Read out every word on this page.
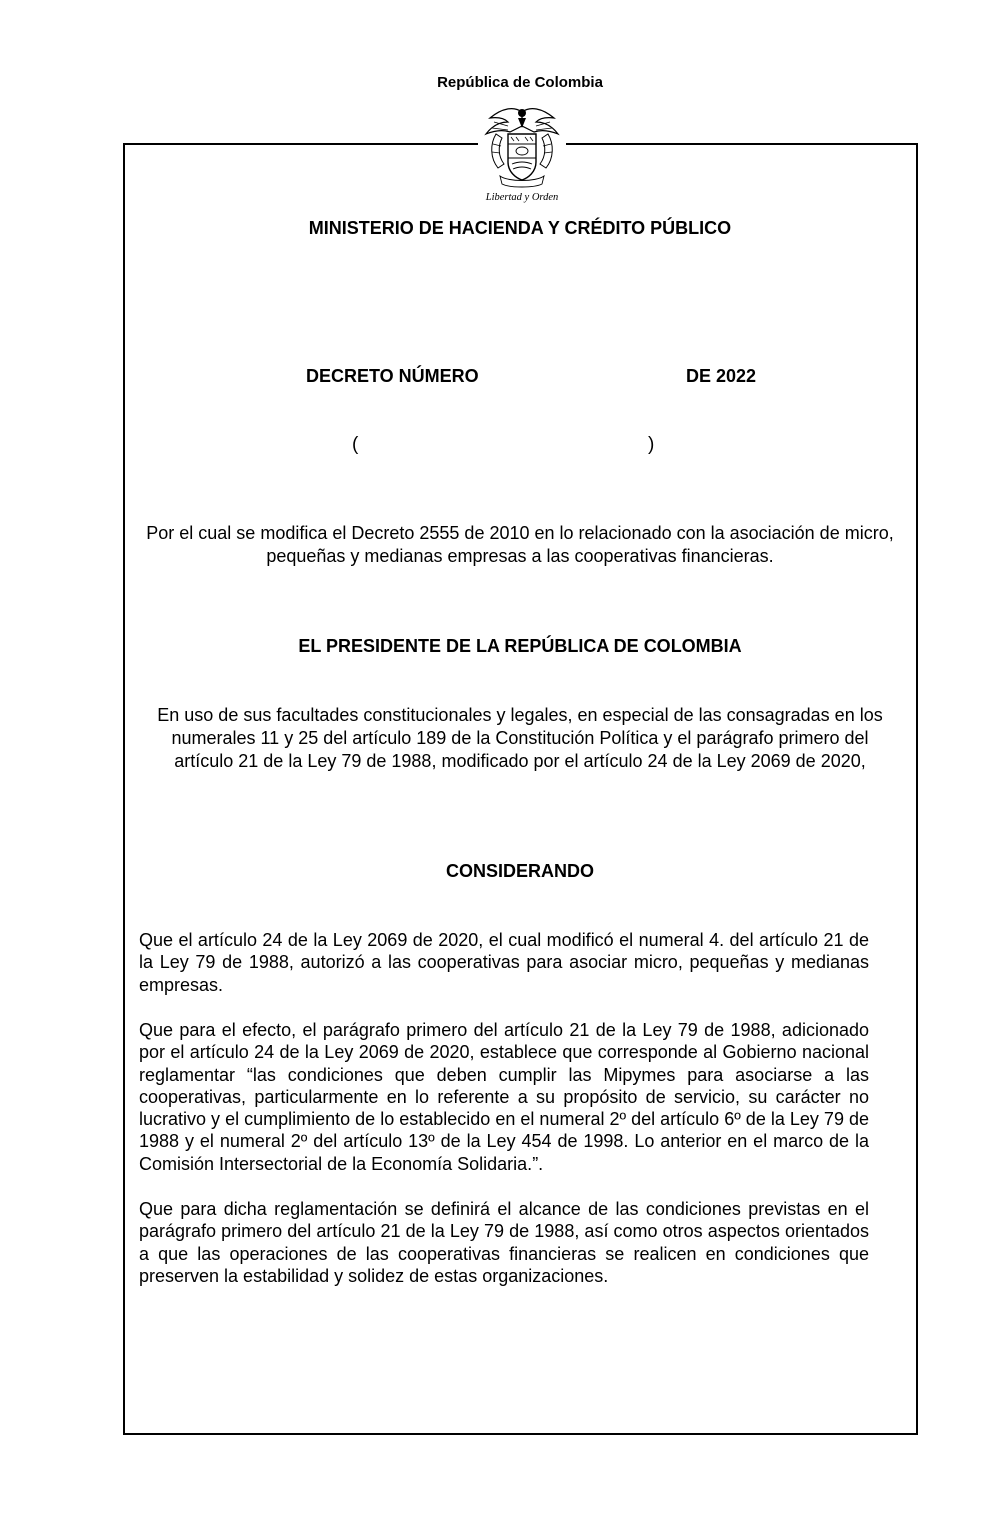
República de Colombia
Libertad y Orden
MINISTERIO DE HACIENDA Y CRÉDITO PÚBLICO
DECRETO NÚMERO	DE 2022
(	)
Por el cual se modifica el Decreto 2555 de 2010 en lo relacionado con la asociación de micro, pequeñas y medianas empresas a las cooperativas financieras.
EL PRESIDENTE DE LA REPÚBLICA DE COLOMBIA
En uso de sus facultades constitucionales y legales, en especial de las consagradas en los numerales 11 y 25 del artículo 189 de la Constitución Política y el parágrafo primero del artículo 21 de la Ley 79 de 1988, modificado por el artículo 24 de la Ley 2069 de 2020,
CONSIDERANDO
Que el artículo 24 de la Ley 2069 de 2020, el cual modificó el numeral 4. del artículo 21 de la Ley 79 de 1988, autorizó a las cooperativas para asociar micro, pequeñas y medianas empresas.
Que para el efecto, el parágrafo primero del artículo 21 de la Ley 79 de 1988, adicionado por el artículo 24 de la Ley 2069 de 2020, establece que corresponde al Gobierno nacional reglamentar “las condiciones que deben cumplir las Mipymes para asociarse a las cooperativas, particularmente en lo referente a su propósito de servicio, su carácter no lucrativo y el cumplimiento de lo establecido en el numeral 2º del artículo 6º de la Ley 79 de 1988 y el numeral 2º del artículo 13º de la Ley 454 de 1998. Lo anterior en el marco de la Comisión Intersectorial de la Economía Solidaria.”.
Que para dicha reglamentación se definirá el alcance de las condiciones previstas en el parágrafo primero del artículo 21 de la Ley 79 de 1988, así como otros aspectos orientados a que las operaciones de las cooperativas financieras se realicen en condiciones que preserven la estabilidad y solidez de estas organizaciones.
